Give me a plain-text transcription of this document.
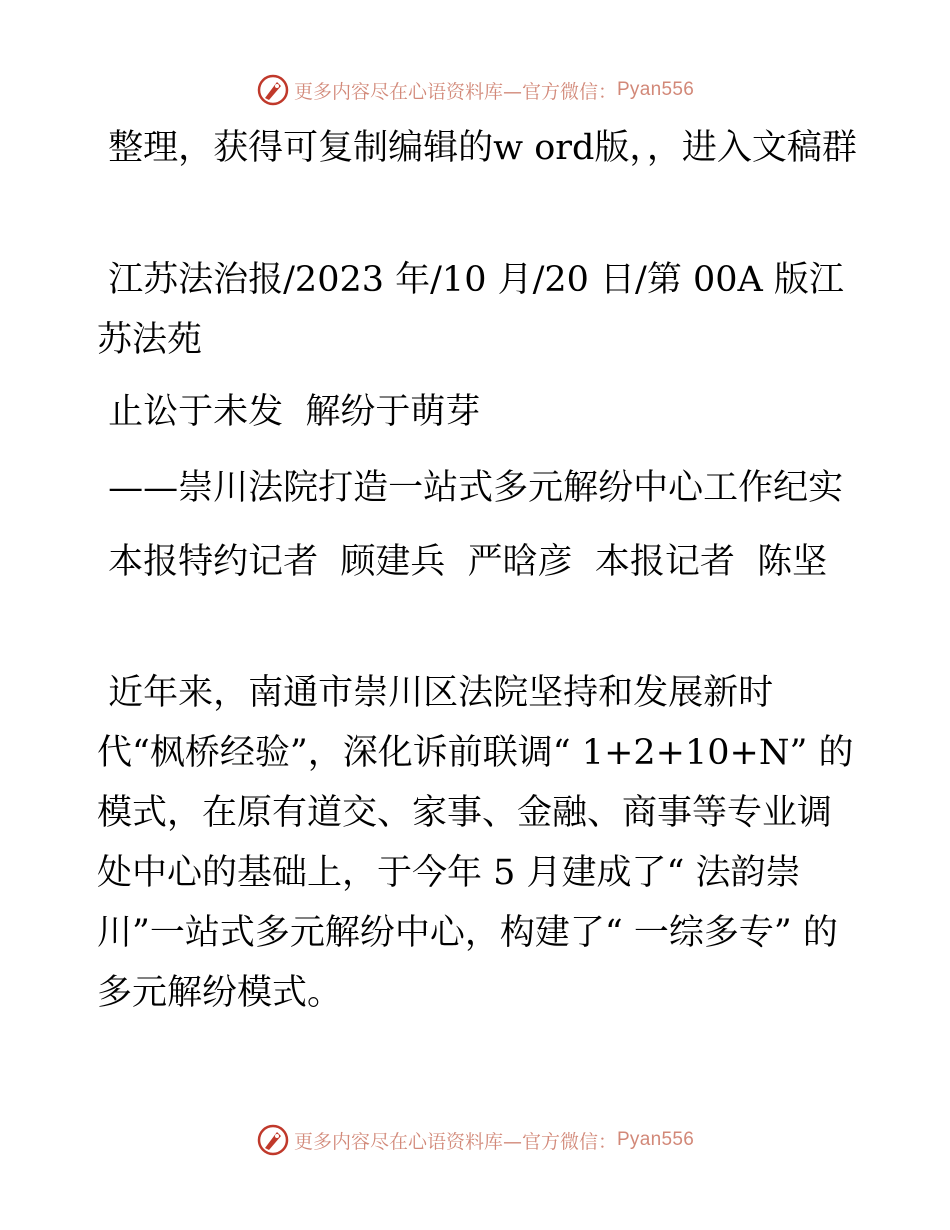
更多内容尽在心语资料库—官方微信： Pyan556

整理，获得可复制编辑的w ord版，，进入文稿群

江苏法治报/2023 年/10 月/20 日/第 00A 版江苏法苑

止讼于未发  解纷于萌芽

——崇川法院打造一站式多元解纷中心工作纪实

本报特约记者  顾建兵  严晗彦  本报记者  陈坚

近年来，南通市崇川区法院坚持和发展新时代“枫桥经验”，深化诉前联调“ 1+2+10+N” 的模式，在原有道交、家事、金融、商事等专业调处中心的基础上，于今年 5 月建成了“ 法韵崇川”一站式多元解纷中心，构建了“ 一综多专” 的多元解纷模式。

更多内容尽在心语资料库—官方微信： Pyan556
